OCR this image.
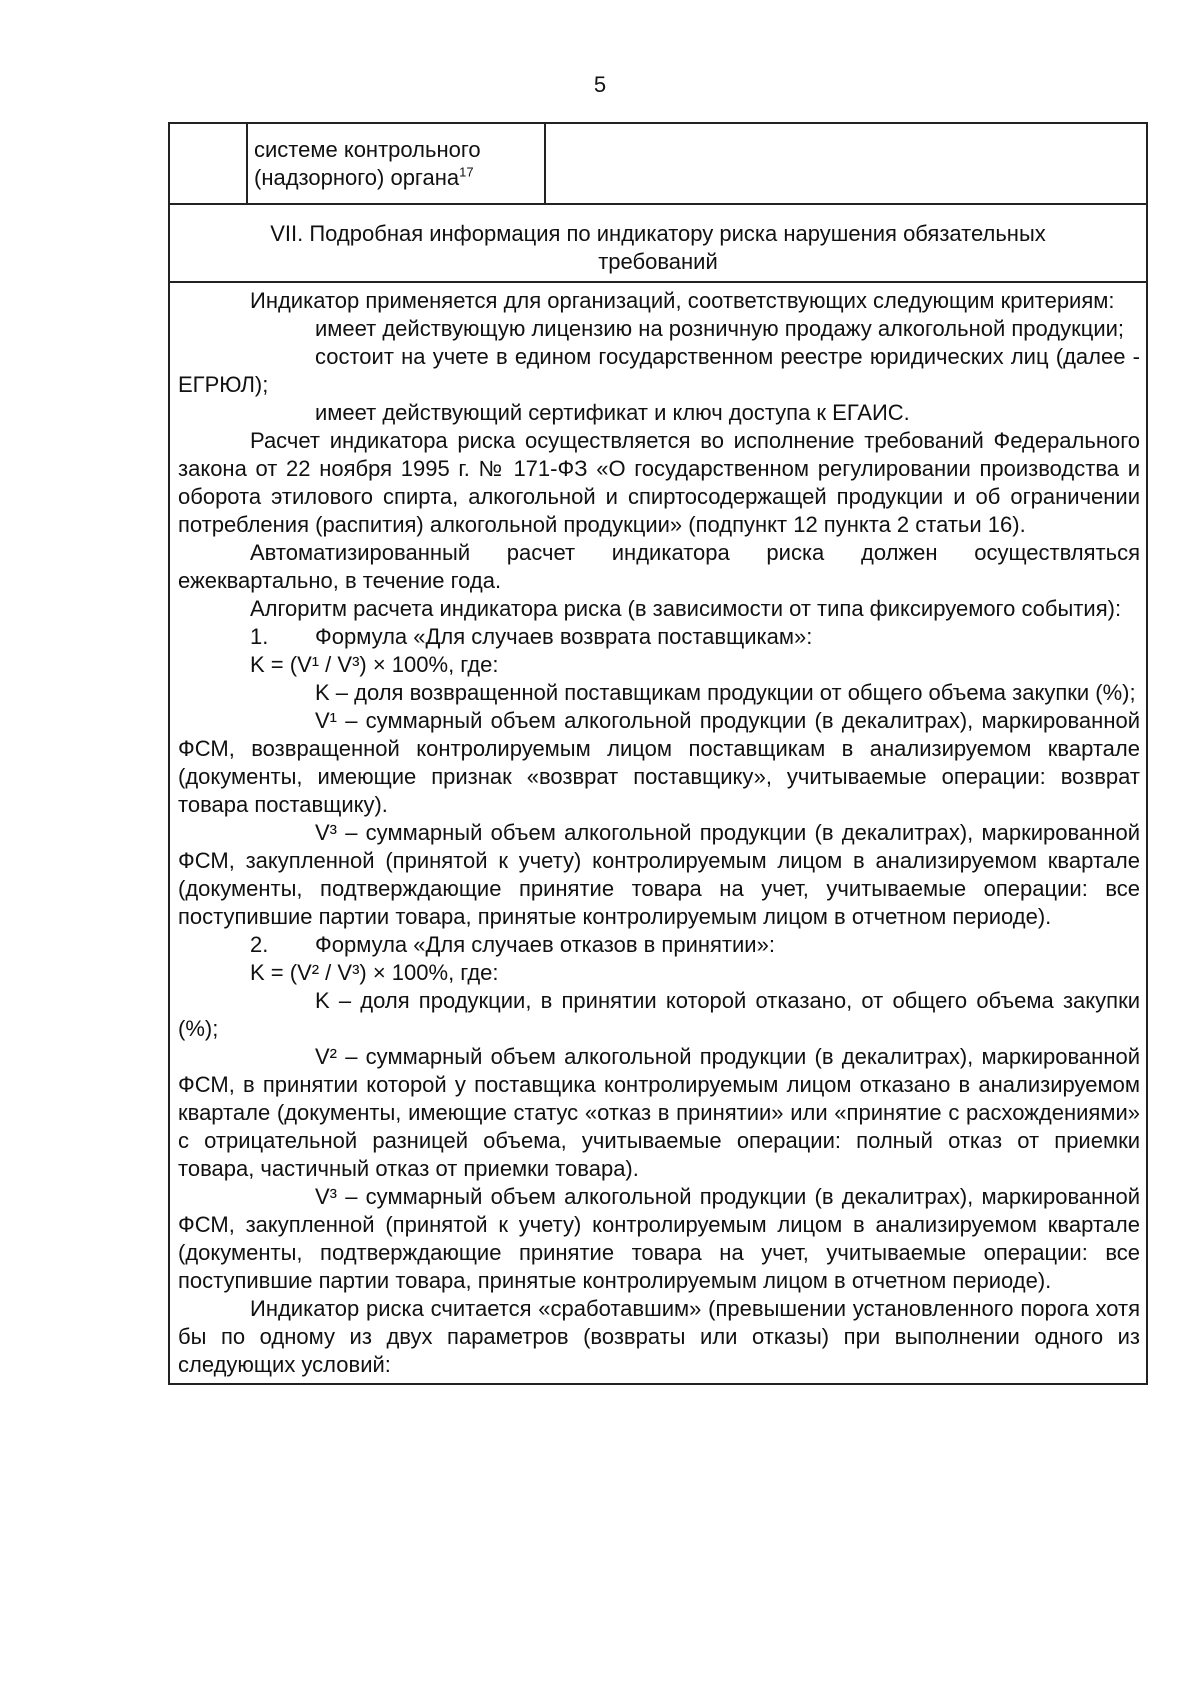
5
системе контрольного
(надзорного) органа$^{17}$
VII. Подробная информация по индикатору риска нарушения обязательных требований

Индикатор применяется для организаций, соответствующих следующим критериям:

имеет действующую лицензию на розничную продажу алкогольной продукции;

состоит на учете в едином государственном реестре юридических лиц (далее - ЕГРЮЛ);

имеет действующий сертификат и ключ доступа к ЕГАИС.

Расчет индикатора риска осуществляется во исполнение требований Федерального закона от 22 ноября 1995 г. № 171-ФЗ «О государственном регулировании производства и оборота этилового спирта, алкогольной и спиртосодержащей продукции и об ограничении потребления (распития) алкогольной продукции» (подпункт 12 пункта 2 статьи 16).

Автоматизированный расчет индикатора риска должен осуществляться ежеквартально, в течение года.

Алгоритм расчета индикатора риска (в зависимости от типа фиксируемого события):

1. Формула «Для случаев возврата поставщикам»:

K = (V¹ / V³) × 100%, где:

K – доля возвращенной поставщикам продукции от общего объема закупки (%);

V¹ – суммарный объем алкогольной продукции (в декалитрах), маркированной ФСМ, возвращенной контролируемым лицом поставщикам в анализируемом квартале (документы, имеющие признак «возврат поставщику», учитываемые операции: возврат товара поставщику).

V³ – суммарный объем алкогольной продукции (в декалитрах), маркированной ФСМ, закупленной (принятой к учету) контролируемым лицом в анализируемом квартале (документы, подтверждающие принятие товара на учет, учитываемые операции: все поступившие партии товара, принятые контролируемым лицом в отчетном периоде).

2. Формула «Для случаев отказов в принятии»:

K = (V² / V³) × 100%, где:

K – доля продукции, в принятии которой отказано, от общего объема закупки (%);

V² – суммарный объем алкогольной продукции (в декалитрах), маркированной ФСМ, в принятии которой у поставщика контролируемым лицом отказано в анализируемом квартале (документы, имеющие статус «отказ в принятии» или «принятие с расхождениями» с отрицательной разницей объема, учитываемые операции: полный отказ от приемки товара, частичный отказ от приемки товара).

V³ – суммарный объем алкогольной продукции (в декалитрах), маркированной ФСМ, закупленной (принятой к учету) контролируемым лицом в анализируемом квартале (документы, подтверждающие принятие товара на учет, учитываемые операции: все поступившие партии товара, принятые контролируемым лицом в отчетном периоде).

Индикатор риска считается «сработавшим» (превышении установленного порога хотя бы по одному из двух параметров (возвраты или отказы) при выполнении одного из следующих условий:
